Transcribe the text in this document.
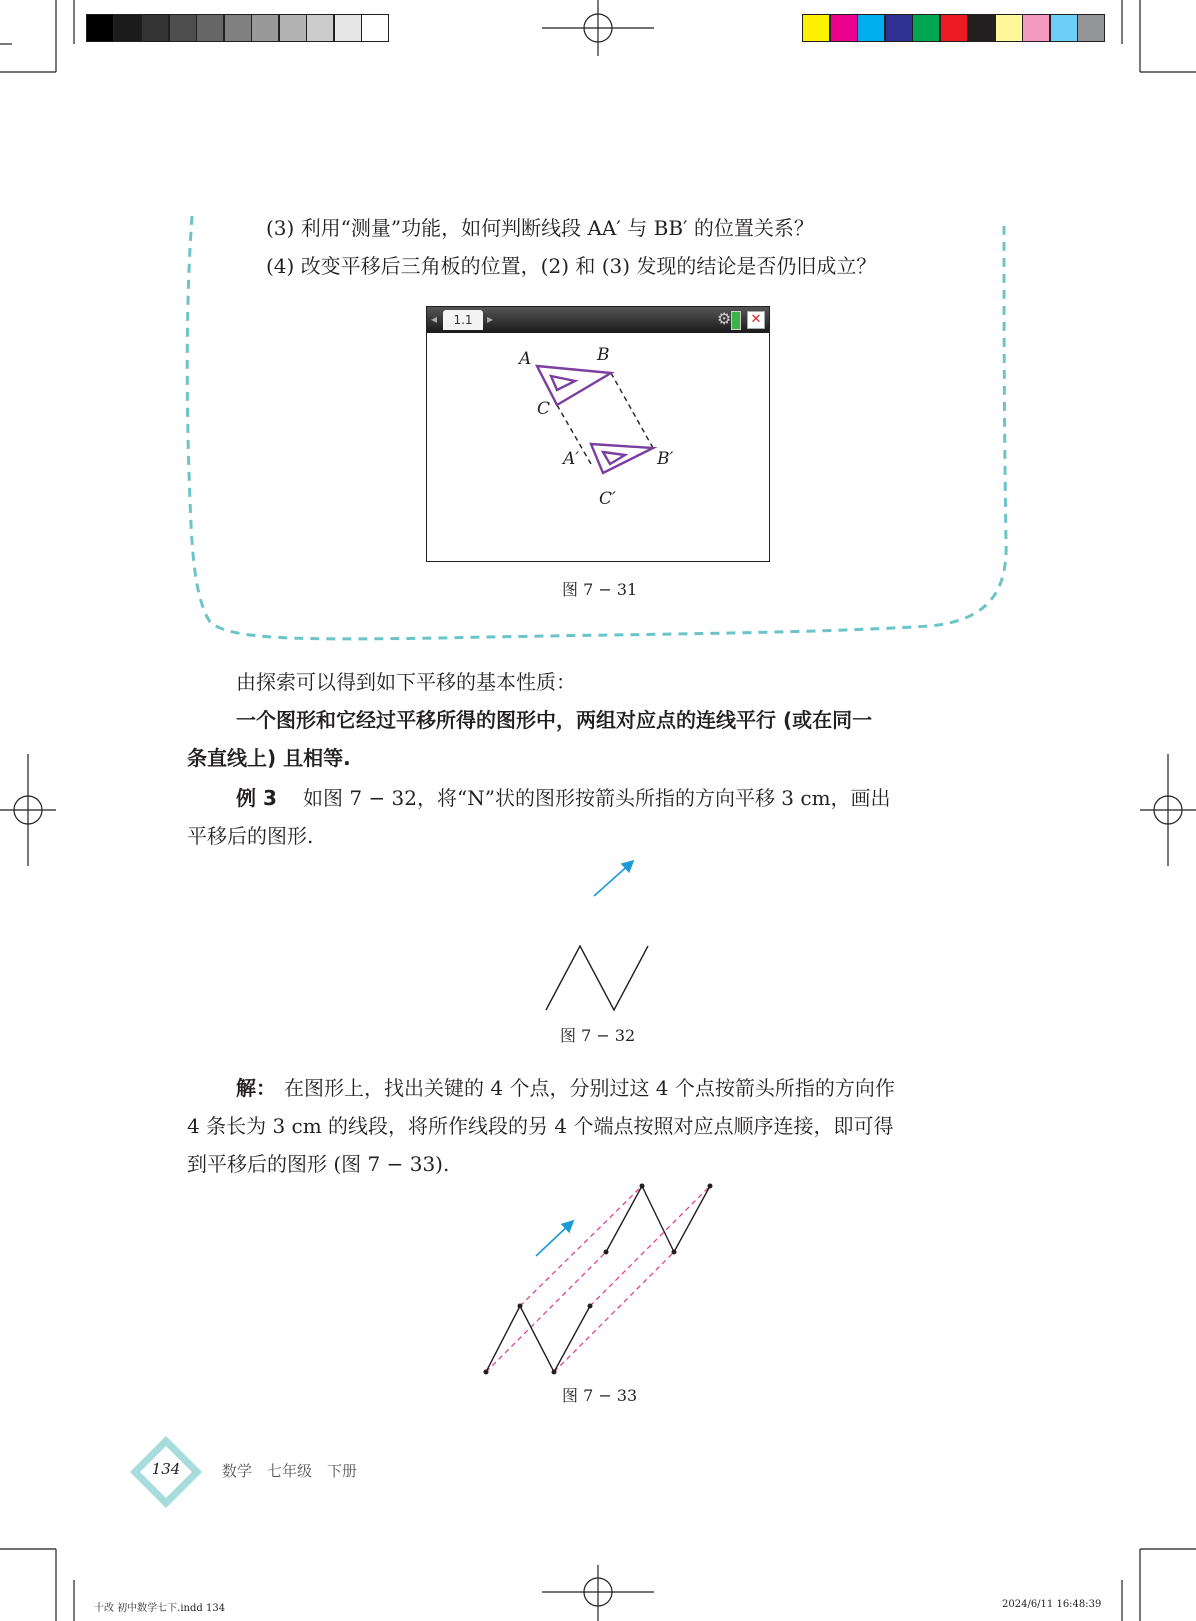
(3) 利用“测量”功能，如何判断线段 AA′ 与 BB′ 的位置关系？
(4) 改变平移后三角板的位置，(2) 和 (3) 发现的结论是否仍旧成立？
◂	1.1	▸	⚙ ✕
A	B
C
A′	B′
C′
图 7 − 31
由探索可以得到如下平移的基本性质：
一个图形和它经过平移所得的图形中，两组对应点的连线平行 (或在同一
条直线上) 且相等.
例 3 如图 7 − 32，将“N”状的图形按箭头所指的方向平移 3 cm，画出
平移后的图形.
图 7 − 32
解： 在图形上，找出关键的 4 个点，分别过这 4 个点按箭头所指的方向作
4 条长为 3 cm 的线段，将所作线段的另 4 个端点按照对应点顺序连接，即可得
到平移后的图形 (图 7 − 33).
图 7 − 33
134	数学　七年级　下册
十改 初中数学七下.indd 134	2024/6/11 16:48:39
